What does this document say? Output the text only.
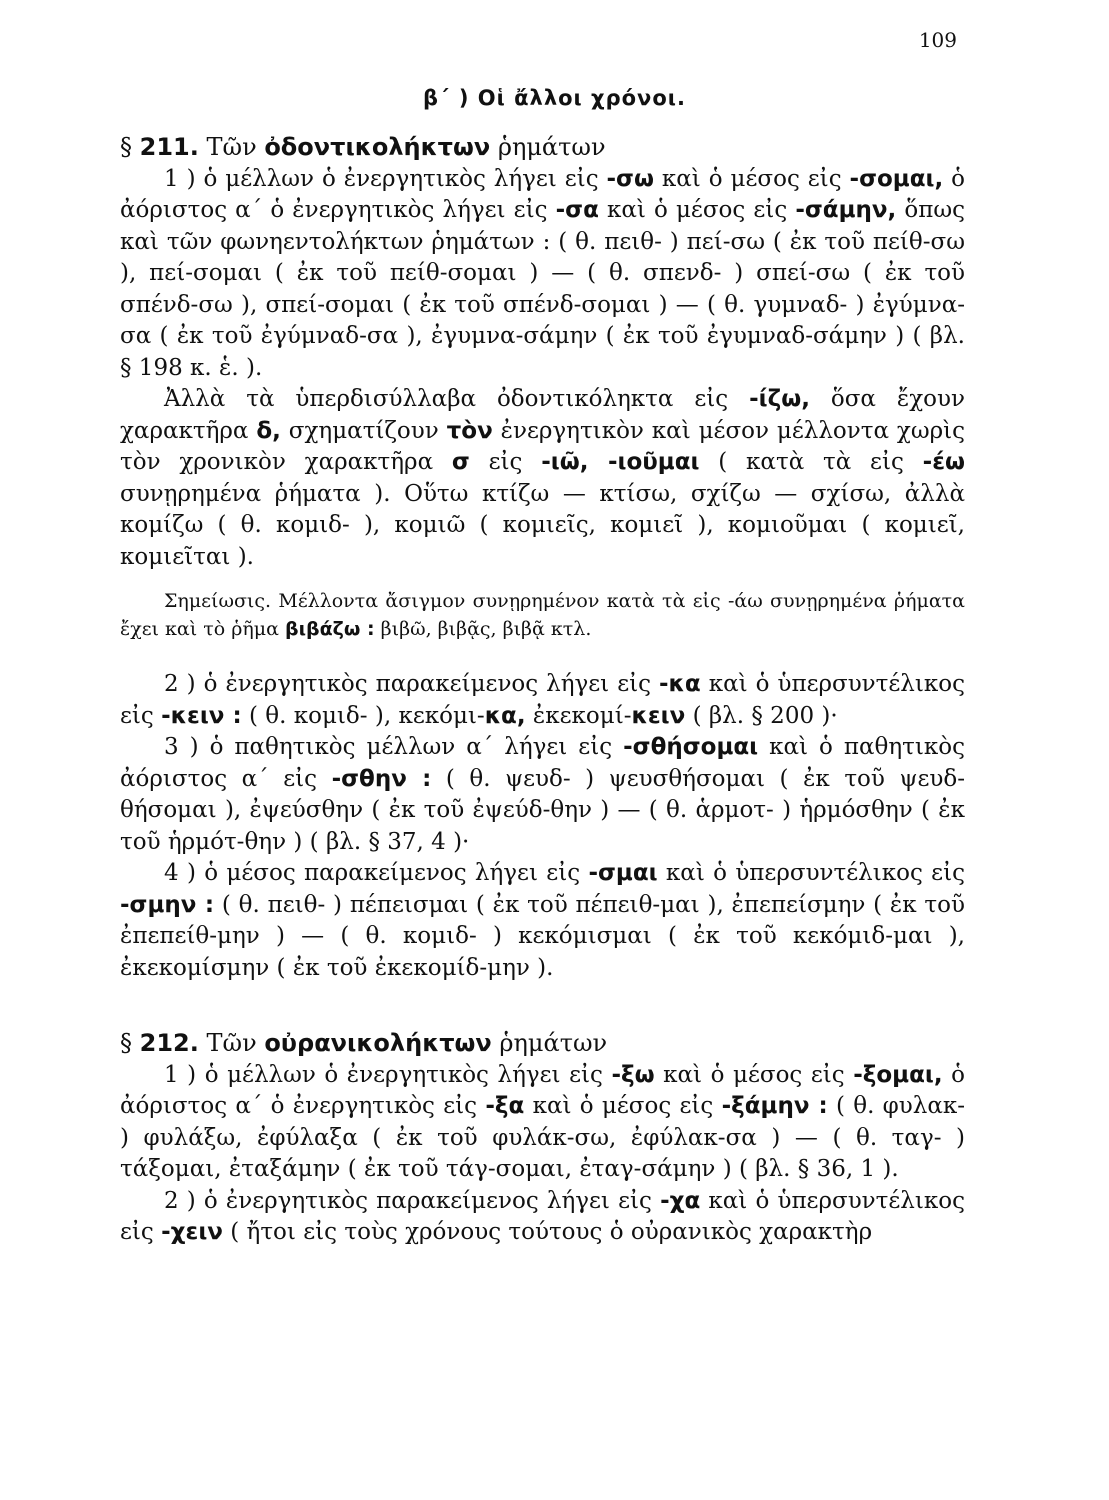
109
β´ ) Οἱ ἄλλοι χρόνοι.

§ 211. Τῶν ὀδοντικολήκτων ῥημάτων

1 ) ὁ μέλλων ὁ ἐνεργητικὸς λήγει εἰς -σω καὶ ὁ μέσος εἰς -σομαι, ὁ ἀόριστος α´ ὁ ἐνεργητικὸς λήγει εἰς -σα καὶ ὁ μέσος εἰς -σάμην, ὅπως καὶ τῶν φωνηεντολήκτων ῥημάτων : ( θ. πειθ- ) πεί-σω ( ἐκ τοῦ πείθ-σω ), πεί-σομαι ( ἐκ τοῦ πείθ-σομαι ) — ( θ. σπενδ- ) σπεί-σω ( ἐκ τοῦ σπένδ-σω ), σπεί-σομαι ( ἐκ τοῦ σπένδ-σομαι ) — ( θ. γυμναδ- ) ἐγύμνα-σα ( ἐκ τοῦ ἐγύμναδ-σα ), ἐγυμνα-σάμην ( ἐκ τοῦ ἐγυμναδ-σάμην ) ( βλ. § 198 κ. ἑ. ).

Ἀλλὰ τὰ ὑπερδισύλλαβα ὀδοντικόληκτα εἰς -ίζω, ὅσα ἔχουν χαρακτῆρα δ, σχηματίζουν τὸν ἐνεργητικὸν καὶ μέσον μέλλοντα χωρὶς τὸν χρονικὸν χαρακτῆρα σ εἰς -ιῶ, -ιοῦμαι ( κατὰ τὰ εἰς -έω συνῃρημένα ῥήματα ). Οὕτω κτίζω — κτίσω, σχίζω — σχίσω, ἀλλὰ κομίζω ( θ. κομιδ- ), κομιῶ ( κομιεῖς, κομιεῖ ), κομιοῦμαι ( κομιεῖ, κομιεῖται ).

Σημείωσις. Μέλλοντα ἄσιγμον συνῃρημένον κατὰ τὰ εἰς -άω συνῃρημένα ῥήματα ἔχει καὶ τὸ ῥῆμα βιβάζω : βιβῶ, βιβᾷς, βιβᾷ κτλ.

2 ) ὁ ἐνεργητικὸς παρακείμενος λήγει εἰς -κα καὶ ὁ ὑπερσυντέλικος εἰς -κειν : ( θ. κομιδ- ), κεκόμι-κα, ἐκεκομί-κειν ( βλ. § 200 )·

3 ) ὁ παθητικὸς μέλλων α´ λήγει εἰς -σθήσομαι καὶ ὁ παθητικὸς ἀόριστος α´ εἰς -σθην : ( θ. ψευδ- ) ψευσθήσομαι ( ἐκ τοῦ ψευδ-θήσομαι ), ἐψεύσθην ( ἐκ τοῦ ἐψεύδ-θην ) — ( θ. ἁρμοτ- ) ἡρμόσθην ( ἐκ τοῦ ἡρμότ-θην ) ( βλ. § 37, 4 )·

4 ) ὁ μέσος παρακείμενος λήγει εἰς -σμαι καὶ ὁ ὑπερσυντέλικος εἰς -σμην : ( θ. πειθ- ) πέπεισμαι ( ἐκ τοῦ πέπειθ-μαι ), ἐπεπείσμην ( ἐκ τοῦ ἐπεπείθ-μην ) — ( θ. κομιδ- ) κεκόμισμαι ( ἐκ τοῦ κεκόμιδ-μαι ), ἐκεκομίσμην ( ἐκ τοῦ ἐκεκομίδ-μην ).

§ 212. Τῶν οὐρανικολήκτων ῥημάτων

1 ) ὁ μέλλων ὁ ἐνεργητικὸς λήγει εἰς -ξω καὶ ὁ μέσος εἰς -ξομαι, ὁ ἀόριστος α´ ὁ ἐνεργητικὸς εἰς -ξα καὶ ὁ μέσος εἰς -ξάμην : ( θ. φυλακ- ) φυλάξω, ἐφύλαξα ( ἐκ τοῦ φυλάκ-σω, ἐφύλακ-σα ) — ( θ. ταγ- ) τάξομαι, ἐταξάμην ( ἐκ τοῦ τάγ-σομαι, ἐταγ-σάμην ) ( βλ. § 36, 1 ).

2 ) ὁ ἐνεργητικὸς παρακείμενος λήγει εἰς -χα καὶ ὁ ὑπερσυντέλικος εἰς -χειν ( ἤτοι εἰς τοὺς χρόνους τούτους ὁ οὐρανικὸς χαρακτὴρ
